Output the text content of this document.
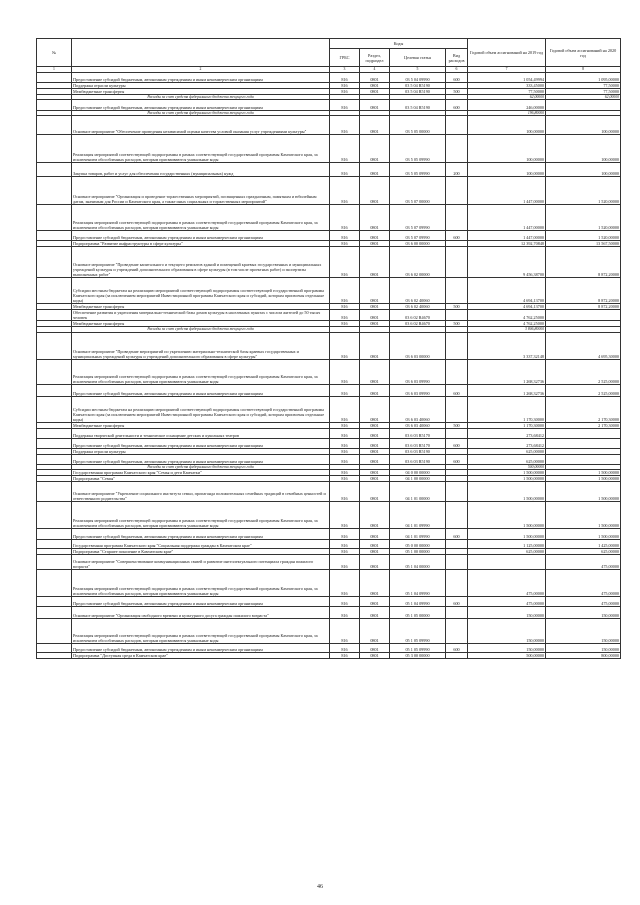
№		Коды				Годовой объем ассигнований на 2019 год	Годовой объем ассигнований на 2020 год
		ГРБС	Раздел, подраздел	Целевая статья	Вид расходов		
1	2	3	4	5	6	7	8
	Предоставление субсидий бюджетным, автономным учреждениям и иным некоммерческим организациям	816	0801	03 5 04 09990	600	1 054,49994	1 095,00000
	Поддержка отрасли культуры	816	0801	03 5 04 R5190		333,45000	77,50000
	Межбюджетные трансферты	816	0801	03 5 04 R5190	500	77,50000	77,50000
	Расходы за счет средств федерального бюджета текущего года					62,00000	62,00000
	Предоставление субсидий бюджетным, автономным учреждениям и иным некоммерческим организациям	816	0801	03 5 04 R5190	600	246,00000	
	Расходы за счет средств федерального бюджета текущего года					196,80000	
	Основное мероприятие "Обеспечение проведения независимой оценки качества условий оказания услуг учреждениями культуры"	816	0801	03 5 05 00000		100,00000	100,00000
	Реализация мероприятий соответствующей подпрограммы в рамках соответствующей государственной программы Камчатского края, за исключением обособленных расходов, которым присваиваются уникальные коды	816	0801	03 5 05 09990		100,00000	100,00000
	Закупка товаров, работ и услуг для обеспечения государственных (муниципальных) нужд	816	0801	03 5 05 09990	200	100,00000	100,00000
	Основное мероприятие "Организация и проведение торжественных мероприятий, посвященных праздничным, памятным и юбилейным датам, значимым для России и Камчатского края, а также иных социальных и торжественных мероприятий"	816	0801	03 5 07 00000		1 447,00000	1 520,00000
	Реализация мероприятий соответствующей подпрограммы в рамках соответствующей государственной программы Камчатского края, за исключением обособленных расходов, которым присваиваются уникальные коды	816	0801	03 5 07 09990		1 447,00000	1 520,00000
	Предоставление субсидий бюджетным, автономным учреждениям и иным некоммерческим организациям	816	0801	03 5 07 09990	600	1 447,00000	1 520,00000
	Подпрограмма "Развитие инфраструктуры в сфере культуры"	816	0801	03 6 00 00000		12 392,70848	13 567,50000
	Основное мероприятие "Проведение капитального и текущего ремонтов зданий и помещений краевых государственных и муниципальных учреждений культуры и учреждений дополнительного образования в сфере культуры (в том числе проектных работ) и экспертизы выполненных работ"	816	0801	03 6 02 00000		9 456,38700	8 872,20000
	Субсидии местным бюджетам на реализацию мероприятий соответствующей подпрограммы соответствующей государственной программы Камчатского края (за исключением мероприятий Инвестиционной программы Камчатского края и субсидий, которым присвоены отдельные коды)	816	0801	03 6 02 40060		4 694,13700	8 872,20000
	Межбюджетные трансферты	816	0801	03 6 02 40060	500	4 694,13700	8 872,20000
	Обеспечение развития и укрепления материально-технической базы домов культуры в населенных пунктах с числом жителей до 50 тысяч человек	816	0801	03 6 02 R4670		4 762,25000	
	Межбюджетные трансферты	816	0801	03 6 02 R4670	500	4 762,25000	
	Расходы за счет средств федерального бюджета текущего года					3 806,80000	
	Основное мероприятие "Проведение мероприятий по укреплению материально-технической базы краевых государственных и муниципальных учреждений культуры и учреждений дополнительного образования в сфере культуры"	816	0801	03 6 03 00000		3 337,32148	4 695,30000
	Реализация мероприятий соответствующей подпрограммы в рамках соответствующей государственной программы Камчатского края, за исключением обособленных расходов, которым присваиваются уникальные коды	816	0801	03 6 03 09990		1 268,32736	2 525,00000
	Предоставление субсидий бюджетным, автономным учреждениям и иным некоммерческим организациям	816	0801	03 6 03 09990	600	1 268,32736	2 525,00000
	Субсидии местным бюджетам на реализацию мероприятий соответствующей подпрограммы соответствующей государственной программы Камчатского края (за исключением мероприятий Инвестиционной программы Камчатского края и субсидий, которым присвоены отдельные коды)	816	0801	03 6 03 40060		1 170,30000	2 170,30000
	Межбюджетные трансферты	816	0801	03 6 03 40060	500	1 170,30000	2 170,30000
	Поддержка творческой деятельности и техническое оснащение детских и кукольных театров	816	0801	03 6 03 R5170		273,68412	
	Предоставление субсидий бюджетным, автономным учреждениям и иным некоммерческим организациям	816	0801	03 6 03 R5170	600	273,68412	
	Поддержка отрасли культуры	816	0801	03 6 03 R5190		625,00000	
	Предоставление субсидий бюджетным, автономным учреждениям и иным некоммерческим организациям	816	0801	03 6 03 R5190	600	625,00000	
	Расходы за счет средств федерального бюджета текущего года					500,00000	
	Государственная программа Камчатского края "Семья и дети Камчатки"	816	0801	04 0 00 00000		1 500,00000	1 500,00000
	Подпрограмма "Семья"	816	0801	04 1 00 00000		1 500,00000	1 500,00000
	Основное мероприятие "Укрепление социального института семьи, пропаганда положительных семейных традиций в семейных ценностей и ответственного родительства"	816	0801	04 1 01 00000		1 500,00000	1 500,00000
	Реализация мероприятий соответствующей подпрограммы в рамках соответствующей государственной программы Камчатского края, за исключением обособленных расходов, которым присваиваются уникальные коды	816	0801	04 1 01 09990		1 500,00000	1 500,00000
	Предоставление субсидий бюджетным, автономным учреждениям и иным некоммерческим организациям	816	0801	04 1 01 09990	600	1 500,00000	1 500,00000
	Государственная программа Камчатского края "Социальная поддержка граждан в Камчатском крае"	816	0801	05 0 00 00000		1 125,00000	1 425,00000
	Подпрограмма "Старшее поколение в Камчатском крае"	816	0801	05 1 00 00000		625,00000	625,00000
	Основное мероприятие "Совершенствование коммуникационных связей и развитие интеллектуального потенциала граждан пожилого возраста"	816	0801	05 1 04 00000			475,00000
	Реализация мероприятий соответствующей подпрограммы в рамках соответствующей государственной программы Камчатского края, за исключением обособленных расходов, которым присваиваются уникальные коды	816	0801	05 1 04 09990		475,00000	475,00000
	Предоставление субсидий бюджетным, автономным учреждениям и иным некоммерческим организациям	816	0801	05 1 04 09990	600	475,00000	475,00000
	Основное мероприятие "Организация свободного времени и культурного досуга граждан пожилого возраста"	816	0801	05 1 05 00000		150,00000	150,00000
	Реализация мероприятий соответствующей подпрограммы в рамках соответствующей государственной программы Камчатского края, за исключением обособленных расходов, которым присваиваются уникальные коды	816	0801	05 1 05 09990		150,00000	150,00000
	Предоставление субсидий бюджетным, автономным учреждениям и иным некоммерческим организациям	816	0801	05 1 05 09990	600	150,00000	150,00000
	Подпрограмма "Доступная среда в Камчатском крае"	816	0801	05 3 00 00000		500,00000	800,00000
46
